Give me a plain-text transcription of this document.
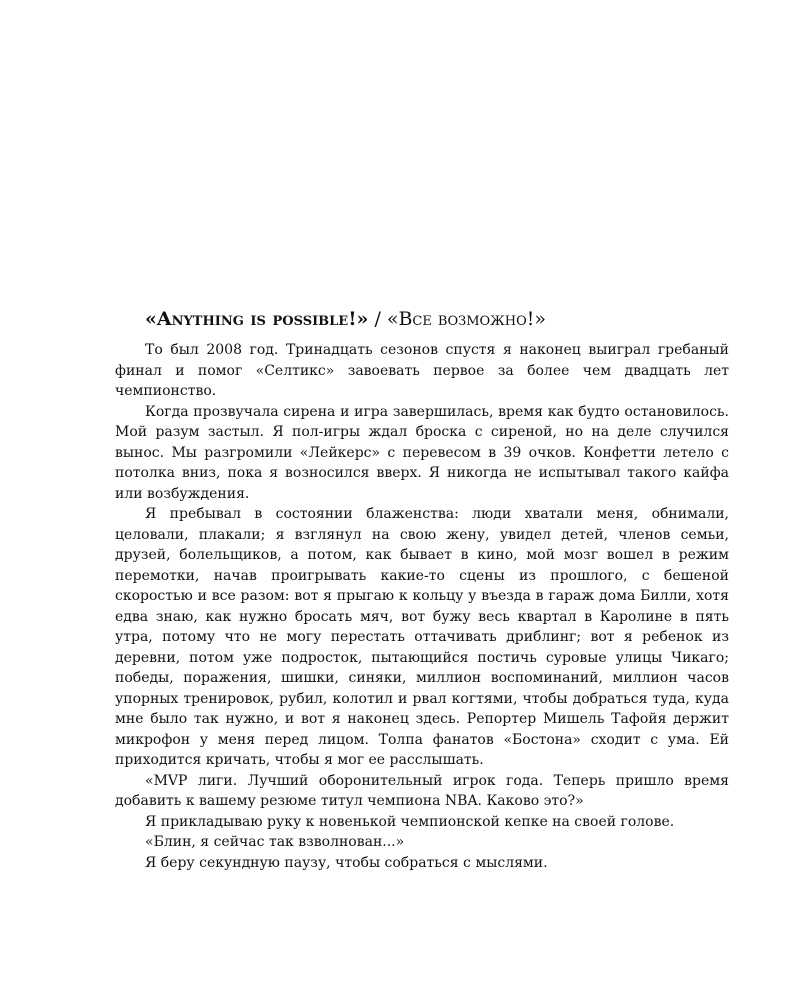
«Anything is possible!» / «Все возможно!»

То был 2008 год. Тринадцать сезонов спустя я наконец выиграл гребаный финал и помог «Селтикс» завоевать первое за более чем двадцать лет чемпионство.

Когда прозвучала сирена и игра завершилась, время как будто остановилось. Мой разум застыл. Я пол-игры ждал броска с сиреной, но на деле случился вынос. Мы разгромили «Лейкерс» с перевесом в 39 очков. Конфетти летело с потолка вниз, пока я возносился вверх. Я никогда не испытывал такого кайфа или возбуждения.

Я пребывал в состоянии блаженства: люди хватали меня, обнимали, целовали, плакали; я взглянул на свою жену, увидел детей, членов семьи, друзей, болельщиков, а потом, как бывает в кино, мой мозг вошел в режим перемотки, начав проигрывать какие-то сцены из прошлого, с бешеной скоростью и все разом: вот я прыгаю к кольцу у въезда в гараж дома Билли, хотя едва знаю, как нужно бросать мяч, вот бужу весь квартал в Каролине в пять утра, потому что не могу перестать оттачивать дриблинг; вот я ребенок из деревни, потом уже подросток, пытающийся постичь суровые улицы Чикаго; победы, поражения, шишки, синяки, миллион воспоминаний, миллион часов упорных тренировок, рубил, колотил и рвал когтями, чтобы добраться туда, куда мне было так нужно, и вот я наконец здесь. Репортер Мишель Тафойя держит микрофон у меня перед лицом. Толпа фанатов «Бостона» сходит с ума. Ей приходится кричать, чтобы я мог ее расслышать.

«MVP лиги. Лучший оборонительный игрок года. Теперь пришло время добавить к вашему резюме титул чемпиона NBA. Каково это?»

Я прикладываю руку к новенькой чемпионской кепке на своей голове.

«Блин, я сейчас так взволнован...»

Я беру секундную паузу, чтобы собраться с мыслями.
